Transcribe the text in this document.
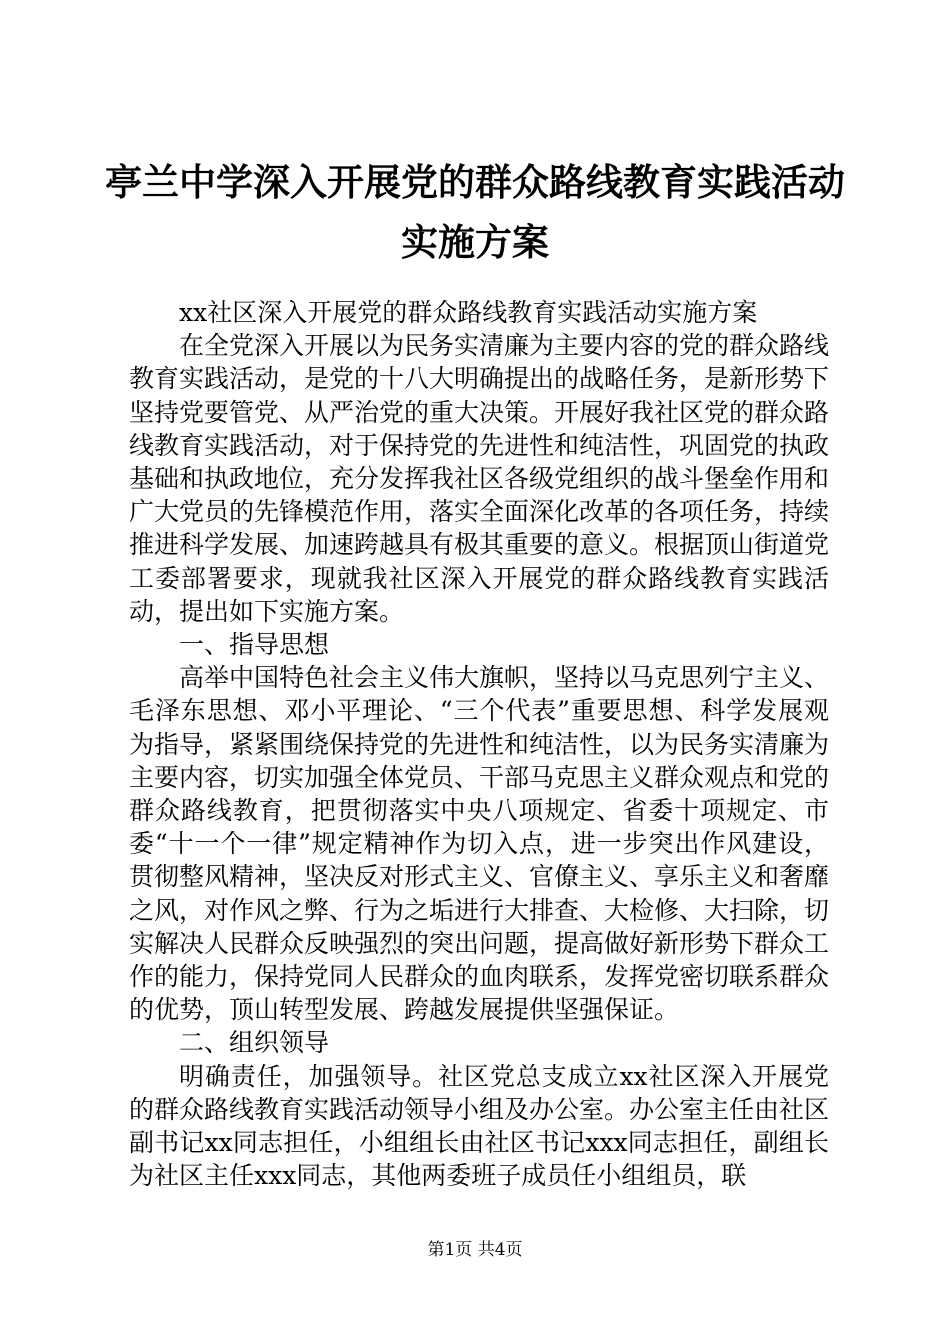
亭兰中学深入开展党的群众路线教育实践活动
实施方案

xx社区深入开展党的群众路线教育实践活动实施方案

在全党深入开展以为民务实清廉为主要内容的党的群众路线教育实践活动，是党的十八大明确提出的战略任务，是新形势下坚持党要管党、从严治党的重大决策。开展好我社区党的群众路线教育实践活动，对于保持党的先进性和纯洁性，巩固党的执政基础和执政地位，充分发挥我社区各级党组织的战斗堡垒作用和广大党员的先锋模范作用，落实全面深化改革的各项任务，持续推进科学发展、加速跨越具有极其重要的意义。根据顶山街道党工委部署要求，现就我社区深入开展党的群众路线教育实践活动，提出如下实施方案。

一、指导思想

高举中国特色社会主义伟大旗帜，坚持以马克思列宁主义、毛泽东思想、邓小平理论、“三个代表”重要思想、科学发展观为指导，紧紧围绕保持党的先进性和纯洁性，以为民务实清廉为主要内容，切实加强全体党员、干部马克思主义群众观点和党的群众路线教育，把贯彻落实中央八项规定、省委十项规定、市委“十一个一律”规定精神作为切入点，进一步突出作风建设，贯彻整风精神，坚决反对形式主义、官僚主义、享乐主义和奢靡之风，对作风之弊、行为之垢进行大排查、大检修、大扫除，切实解决人民群众反映强烈的突出问题，提高做好新形势下群众工作的能力，保持党同人民群众的血肉联系，发挥党密切联系群众的优势，顶山转型发展、跨越发展提供坚强保证。

二、组织领导

明确责任，加强领导。社区党总支成立xx社区深入开展党的群众路线教育实践活动领导小组及办公室。办公室主任由社区副书记xx同志担任，小组组长由社区书记xxx同志担任，副组长为社区主任xxx同志，其他两委班子成员任小组组员，联

第1页 共4页
